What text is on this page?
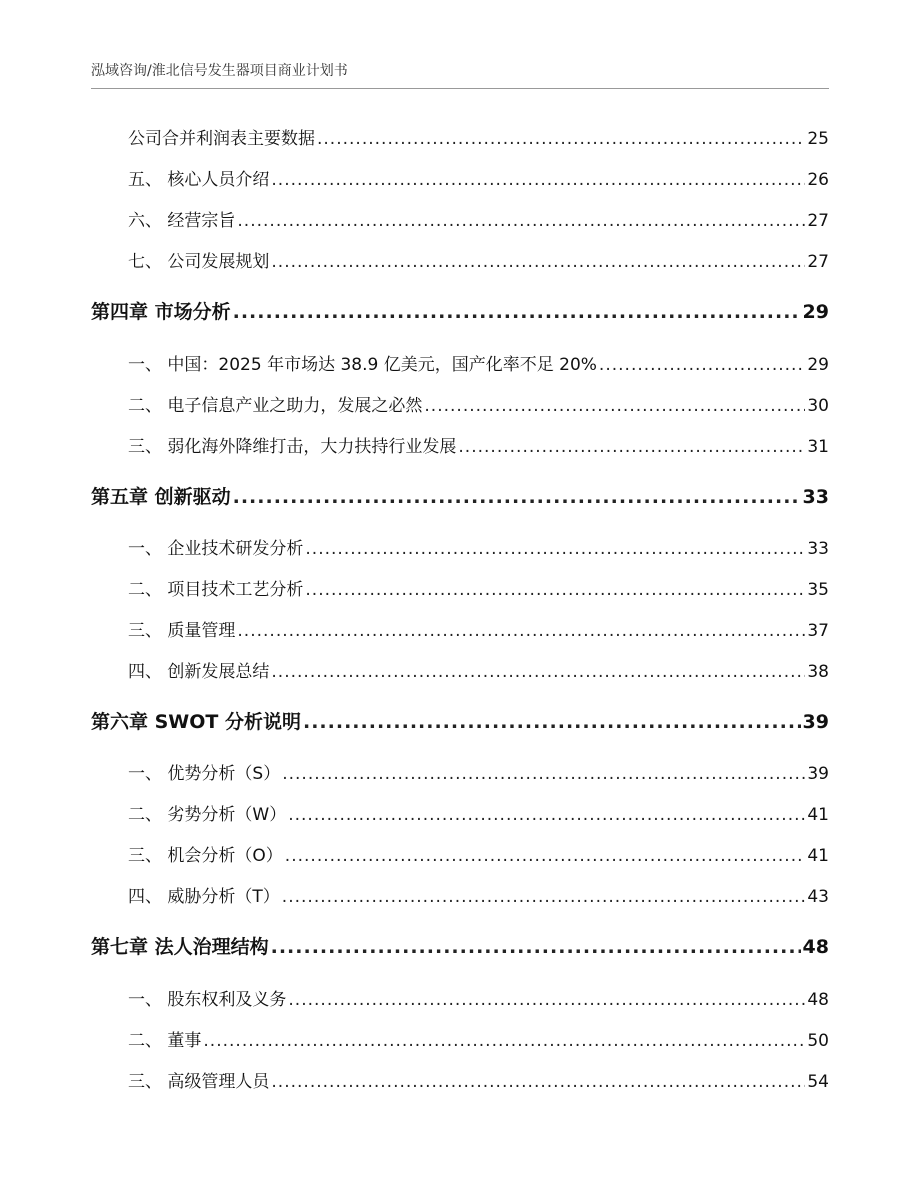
泓域咨询/淮北信号发生器项目商业计划书
公司合并利润表主要数据 .....	25
五、 核心人员介绍 .....	26
六、 经营宗旨 .....	27
七、 公司发展规划 .....	27
第四章 市场分析 .....	29
一、 中国：2025 年市场达 38.9 亿美元，国产化率不足 20% .....	29
二、 电子信息产业之助力，发展之必然 .....	30
三、 弱化海外降维打击，大力扶持行业发展 .....	31
第五章 创新驱动 .....	33
一、 企业技术研发分析 .....	33
二、 项目技术工艺分析 .....	35
三、 质量管理 .....	37
四、 创新发展总结 .....	38
第六章 SWOT 分析说明 .....	39
一、 优势分析（S） .....	39
二、 劣势分析（W） .....	41
三、 机会分析（O） .....	41
四、 威胁分析（T） .....	43
第七章 法人治理结构 .....	48
一、 股东权利及义务 .....	48
二、 董事 .....	50
三、 高级管理人员 .....	54
